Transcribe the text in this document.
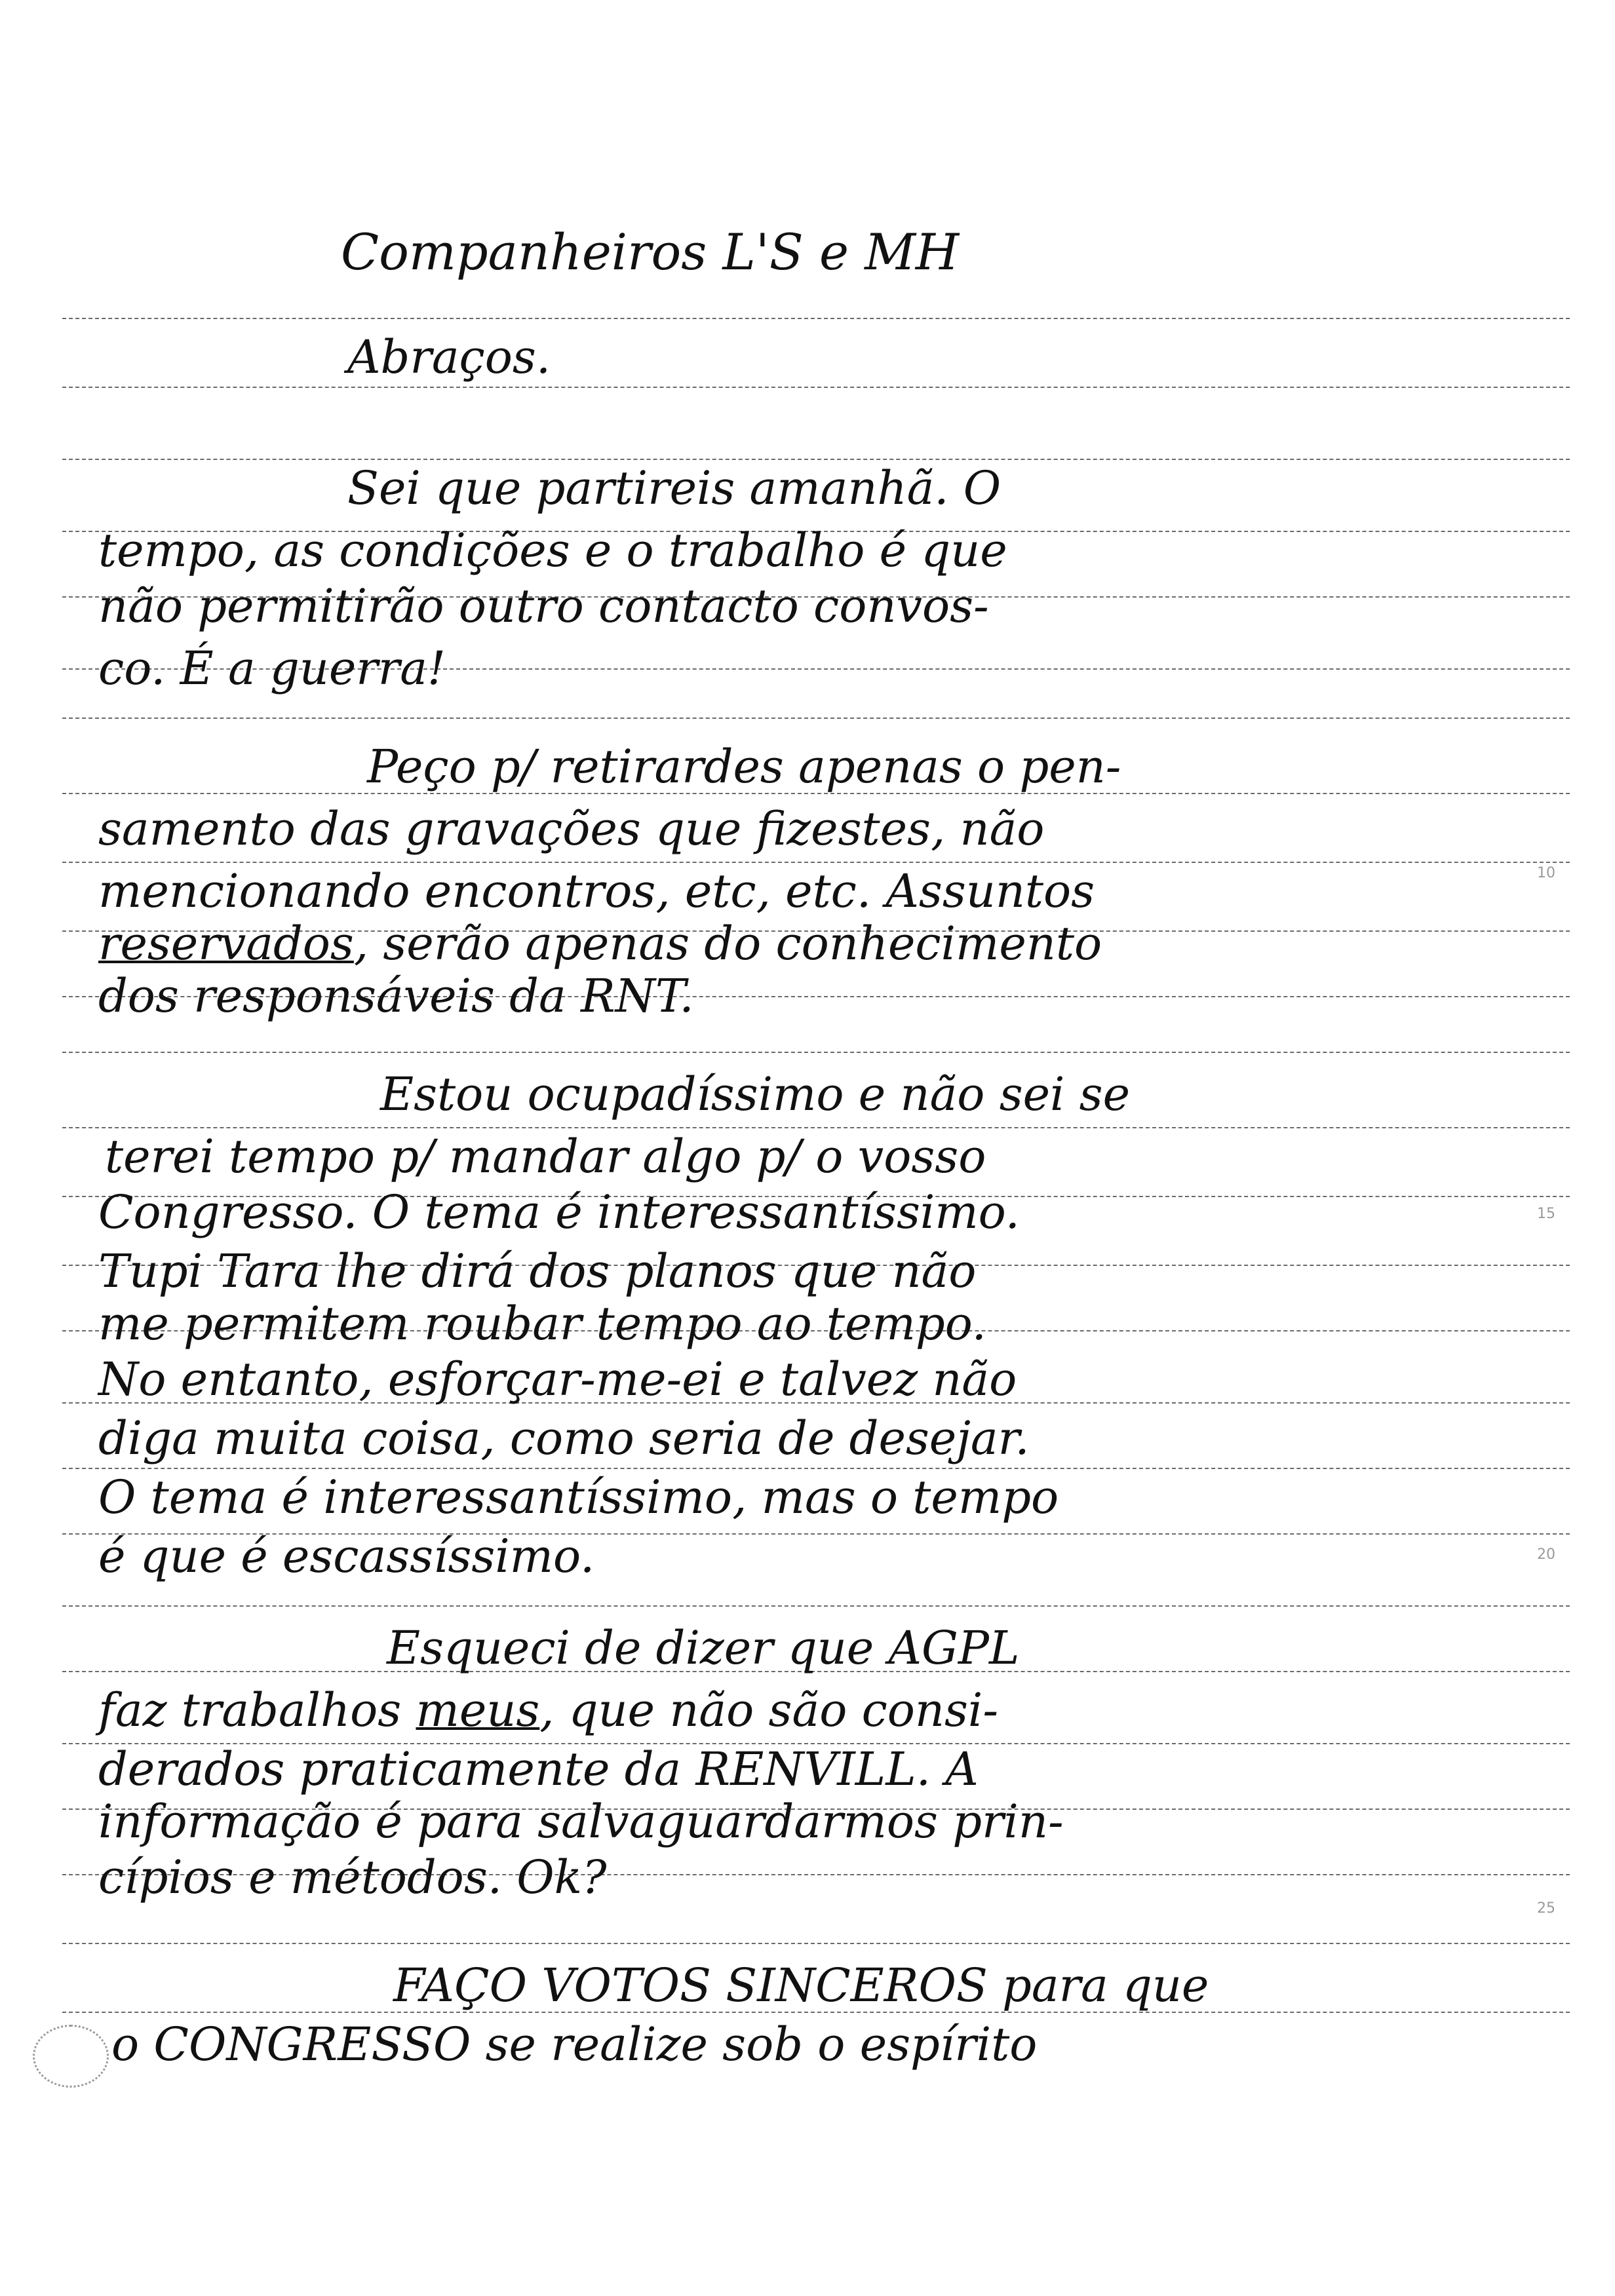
Companheiros L'S e MH
Abraços.
Sei que partireis amanhã. O
tempo, as condições e o trabalho é que
não permitirão outro contacto convos-
co. É a guerra!
Peço p/ retirardes apenas o pen-
samento das gravações que fizestes, não
mencionando encontros, etc, etc. Assuntos
reservados, serão apenas do conhecimento
dos responsáveis da RNT.
Estou ocupadíssimo e não sei se
terei tempo p/ mandar algo p/ o vosso
Congresso. O tema é interessantíssimo.
Tupi Tara lhe dirá dos planos que não
me permitem roubar tempo ao tempo.
No entanto, esforçar-me-ei e talvez não
diga muita coisa, como seria de desejar.
O tema é interessantíssimo, mas o tempo
é que é escassíssimo.
Esqueci de dizer que AGPL
faz trabalhos meus, que não são consi-
derados praticamente da RENVILL. A
informação é para salvaguardarmos prin-
cípios e métodos. Ok?
FAÇO VOTOS SINCEROS para que
o CONGRESSO se realize sob o espírito
10
15
20
25
